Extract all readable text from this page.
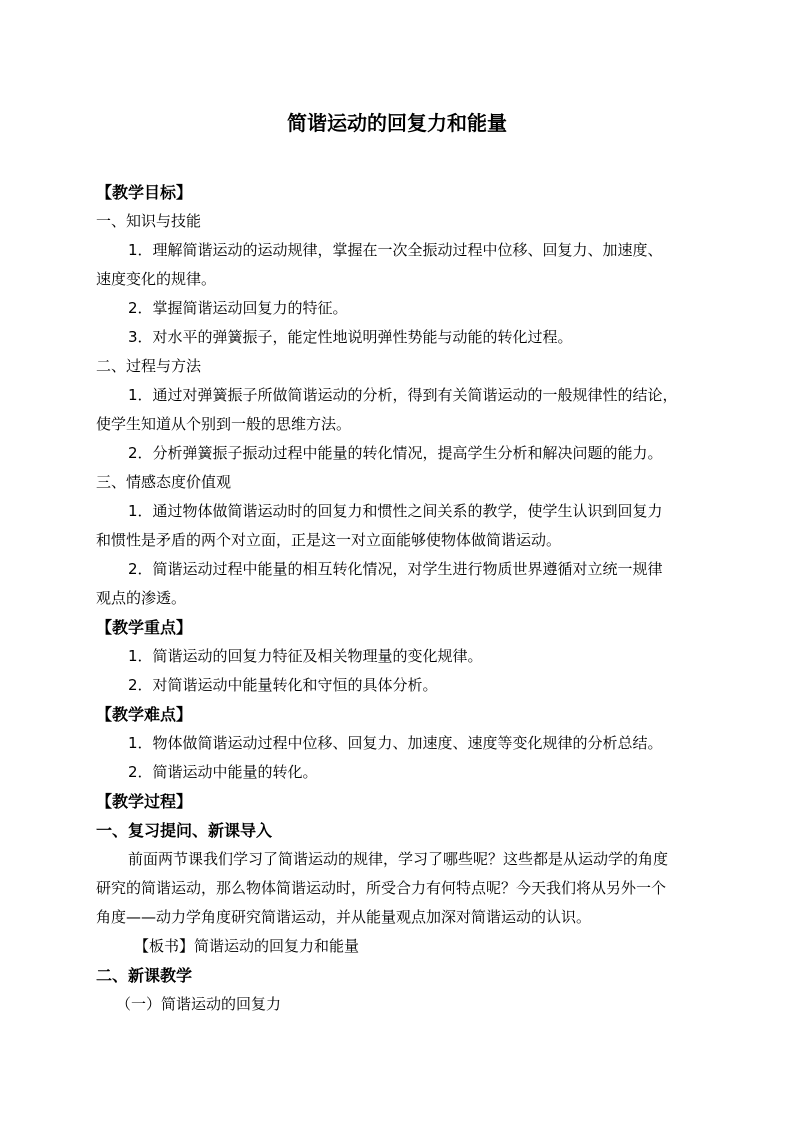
简谐运动的回复力和能量
【教学目标】
一、知识与技能
1．理解简谐运动的运动规律，掌握在一次全振动过程中位移、回复力、加速度、
速度变化的规律。
2．掌握简谐运动回复力的特征。
3．对水平的弹簧振子，能定性地说明弹性势能与动能的转化过程。
二、过程与方法
1．通过对弹簧振子所做简谐运动的分析，得到有关简谐运动的一般规律性的结论，
使学生知道从个别到一般的思维方法。
2．分析弹簧振子振动过程中能量的转化情况，提高学生分析和解决问题的能力。
三、情感态度价值观
1．通过物体做简谐运动时的回复力和惯性之间关系的教学，使学生认识到回复力
和惯性是矛盾的两个对立面，正是这一对立面能够使物体做简谐运动。
2．简谐运动过程中能量的相互转化情况，对学生进行物质世界遵循对立统一规律
观点的渗透。
【教学重点】
1．简谐运动的回复力特征及相关物理量的变化规律。
2．对简谐运动中能量转化和守恒的具体分析。
【教学难点】
1．物体做简谐运动过程中位移、回复力、加速度、速度等变化规律的分析总结。
2．简谐运动中能量的转化。
【教学过程】
一、复习提问、新课导入
前面两节课我们学习了简谐运动的规律，学习了哪些呢？这些都是从运动学的角度
研究的简谐运动，那么物体简谐运动时，所受合力有何特点呢？今天我们将从另外一个
角度——动力学角度研究简谐运动，并从能量观点加深对简谐运动的认识。
【板书】简谐运动的回复力和能量
二、新课教学
（一）简谐运动的回复力
